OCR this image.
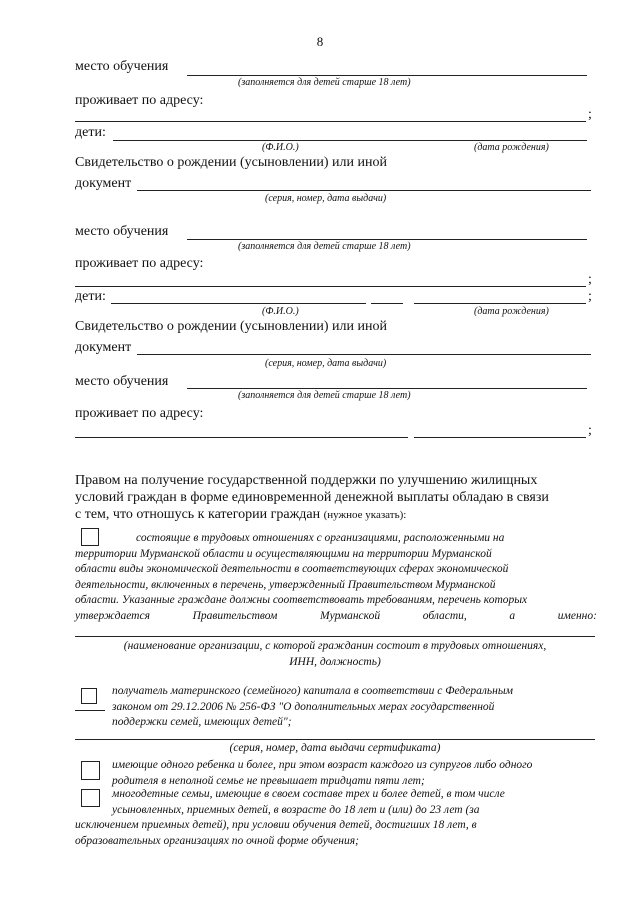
8
место обучения
(заполняется для детей старше 18 лет)
проживает по адресу:
;
дети:
(Ф.И.О.)	(дата рождения)
Свидетельство о рождении (усыновлении) или иной
документ
(серия, номер, дата выдачи)
место обучения
(заполняется для детей старше 18 лет)
проживает по адресу:
;
дети:	;
(Ф.И.О.)	(дата рождения)
Свидетельство о рождении (усыновлении) или иной
документ
(серия, номер, дата выдачи)
место обучения
(заполняется для детей старше 18 лет)
проживает по адресу:
;
Правом на получение государственной поддержки по улучшению жилищных
условий граждан в форме единовременной денежной выплаты обладаю в связи
с тем, что отношусь к категории граждан (нужное указать):
состоящие в трудовых отношениях с организациями, расположенными на
территории Мурманской области и осуществляющими на территории Мурманской
области виды экономической деятельности в соответствующих сферах экономической
деятельности, включенных в перечень, утвержденный Правительством Мурманской
области. Указанные граждане должны соответствовать требованиям, перечень которых
утверждается	Правительством	Мурманской	области,	а	именно:
(наименование организации, с которой гражданин состоит в трудовых отношениях,
ИНН, должность)
получатель материнского (семейного) капитала в соответствии с Федеральным
законом от 29.12.2006 № 256-ФЗ "О дополнительных мерах государственной
поддержки семей, имеющих детей";
(серия, номер, дата выдачи сертификата)
имеющие одного ребенка и более, при этом возраст каждого из супругов либо одного
родителя в неполной семье не превышает тридцати пяти лет;
многодетные семьи, имеющие в своем составе трех и более детей, в том числе
усыновленных, приемных детей, в возрасте до 18 лет и (или) до 23 лет (за
исключением приемных детей), при условии обучения детей, достигших 18 лет, в
образовательных организациях по очной форме обучения;
